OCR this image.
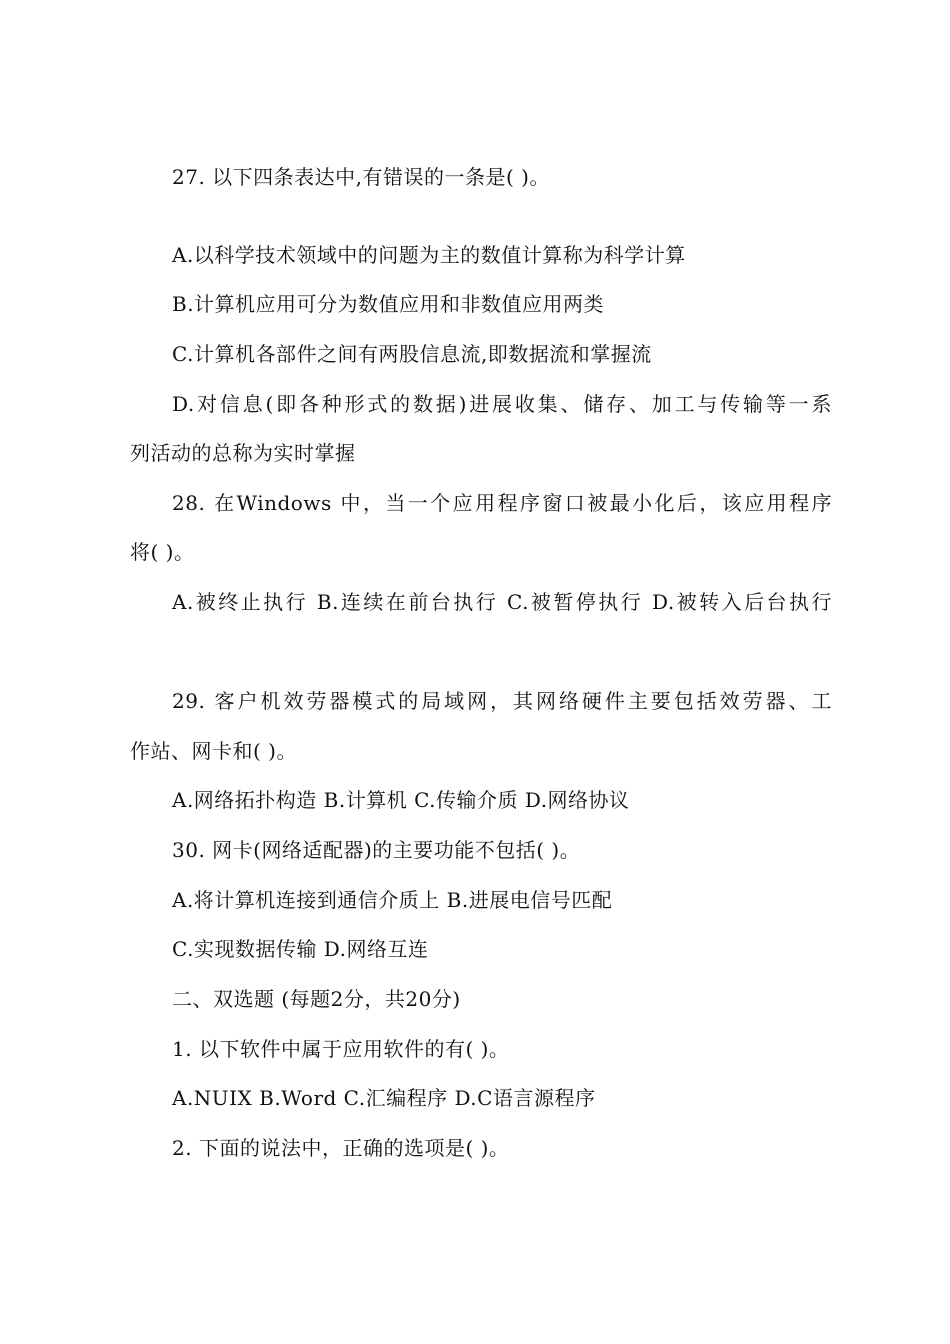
27. 以下四条表达中,有错误的一条是( )。
A.以科学技术领域中的问题为主的数值计算称为科学计算
B.计算机应用可分为数值应用和非数值应用两类
C.计算机各部件之间有两股信息流,即数据流和掌握流
D.对信息(即各种形式的数据)进展收集、储存、加工与传输等一系
列活动的总称为实时掌握
28. 在Windows 中，当一个应用程序窗口被最小化后，该应用程序
将( )。
A.被终止执行 B.连续在前台执行 C.被暂停执行 D.被转入后台执行
29. 客户机效劳器模式的局域网，其网络硬件主要包括效劳器、工
作站、网卡和( )。
A.网络拓扑构造 B.计算机 C.传输介质 D.网络协议
30. 网卡(网络适配器)的主要功能不包括( )。
A.将计算机连接到通信介质上 B.进展电信号匹配
C.实现数据传输 D.网络互连
二、双选题 (每题2分，共20分)
1. 以下软件中属于应用软件的有( )。
A.NUIX B.Word C.汇编程序 D.C语言源程序
2. 下面的说法中，正确的选项是( )。
